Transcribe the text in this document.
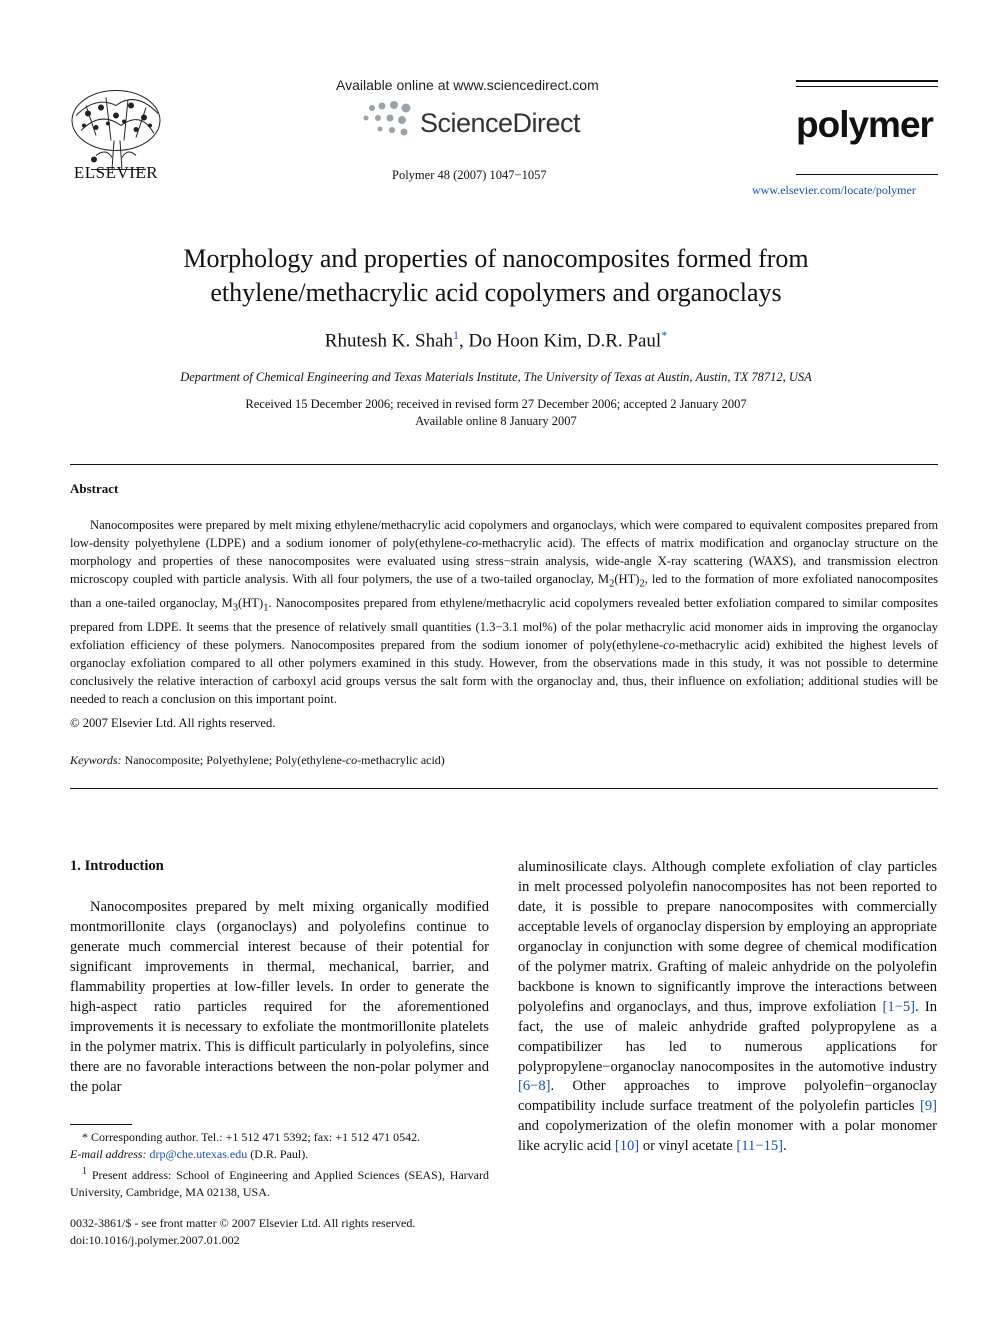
ELSEVIER
Available online at www.sciencedirect.com
ScienceDirect
Polymer 48 (2007) 1047−1057
polymer
www.elsevier.com/locate/polymer
Morphology and properties of nanocomposites formed from ethylene/methacrylic acid copolymers and organoclays
Rhutesh K. Shah$^1$, Do Hoon Kim, D.R. Paul*
Department of Chemical Engineering and Texas Materials Institute, The University of Texas at Austin, Austin, TX 78712, USA
Received 15 December 2006; received in revised form 27 December 2006; accepted 2 January 2007
Available online 8 January 2007
Abstract

Nanocomposites were prepared by melt mixing ethylene/methacrylic acid copolymers and organoclays, which were compared to equivalent composites prepared from low-density polyethylene (LDPE) and a sodium ionomer of poly(ethylene-co-methacrylic acid). The effects of matrix modification and organoclay structure on the morphology and properties of these nanocomposites were evaluated using stress−strain analysis, wide-angle X-ray scattering (WAXS), and transmission electron microscopy coupled with particle analysis. With all four polymers, the use of a two-tailed organoclay, $M_2(HT)_2$, led to the formation of more exfoliated nanocomposites than a one-tailed organoclay, $M_3(HT)_1$. Nanocomposites prepared from ethylene/methacrylic acid copolymers revealed better exfoliation compared to similar composites prepared from LDPE. It seems that the presence of relatively small quantities (1.3−3.1 mol%) of the polar methacrylic acid monomer aids in improving the organoclay exfoliation efficiency of these polymers. Nanocomposites prepared from the sodium ionomer of poly(ethylene-co-methacrylic acid) exhibited the highest levels of organoclay exfoliation compared to all other polymers examined in this study. However, from the observations made in this study, it was not possible to determine conclusively the relative interaction of carboxyl acid groups versus the salt form with the organoclay and, thus, their influence on exfoliation; additional studies will be needed to reach a conclusion on this important point.

© 2007 Elsevier Ltd. All rights reserved.
Keywords: Nanocomposite; Polyethylene; Poly(ethylene-co-methacrylic acid)
1. Introduction
Nanocomposites prepared by melt mixing organically modified montmorillonite clays (organoclays) and polyolefins continue to generate much commercial interest because of their potential for significant improvements in thermal, mechanical, barrier, and flammability properties at low-filler levels. In order to generate the high-aspect ratio particles required for the aforementioned improvements it is necessary to exfoliate the montmorillonite platelets in the polymer matrix. This is difficult particularly in polyolefins, since there are no favorable interactions between the non-polar polymer and the polar
aluminosilicate clays. Although complete exfoliation of clay particles in melt processed polyolefin nanocomposites has not been reported to date, it is possible to prepare nanocomposites with commercially acceptable levels of organoclay dispersion by employing an appropriate organoclay in conjunction with some degree of chemical modification of the polymer matrix. Grafting of maleic anhydride on the polyolefin backbone is known to significantly improve the interactions between polyolefins and organoclays, and thus, improve exfoliation [1−5]. In fact, the use of maleic anhydride grafted polypropylene as a compatibilizer has led to numerous applications for polypropylene−organoclay nanocomposites in the automotive industry [6−8]. Other approaches to improve polyolefin−organoclay compatibility include surface treatment of the polyolefin particles [9] and copolymerization of the olefin monomer with a polar monomer like acrylic acid [10] or vinyl acetate [11−15].
* Corresponding author. Tel.: +1 512 471 5392; fax: +1 512 471 0542.
E-mail address: drp@che.utexas.edu (D.R. Paul).
$^1$ Present address: School of Engineering and Applied Sciences (SEAS), Harvard University, Cambridge, MA 02138, USA.
0032-3861/$ - see front matter © 2007 Elsevier Ltd. All rights reserved.
doi:10.1016/j.polymer.2007.01.002
